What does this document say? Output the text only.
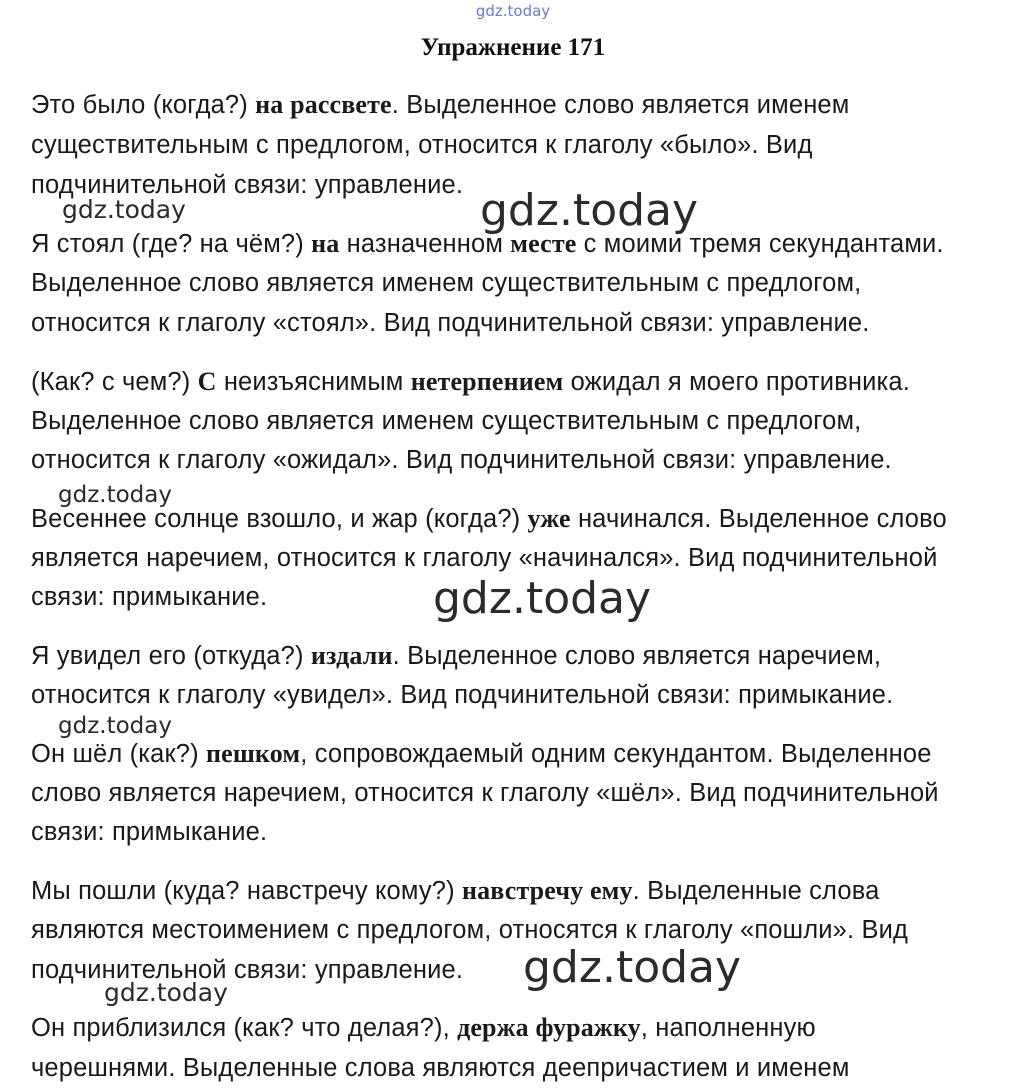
gdz.today
Упражнение 171
Это было (когда?) на рассвете. Выделенное слово является именем
существительным с предлогом, относится к глаголу «было». Вид
подчинительной связи: управление.
Я стоял (где? на чём?) на назначенном месте с моими тремя секундантами.
Выделенное слово является именем существительным с предлогом,
относится к глаголу «стоял». Вид подчинительной связи: управление.
(Как? с чем?) С неизъяснимым нетерпением ожидал я моего противника.
Выделенное слово является именем существительным с предлогом,
относится к глаголу «ожидал». Вид подчинительной связи: управление.
Весеннее солнце взошло, и жар (когда?) уже начинался. Выделенное слово
является наречием, относится к глаголу «начинался». Вид подчинительной
связи: примыкание.
Я увидел его (откуда?) издали. Выделенное слово является наречием,
относится к глаголу «увидел». Вид подчинительной связи: примыкание.
Он шёл (как?) пешком, сопровождаемый одним секундантом. Выделенное
слово является наречием, относится к глаголу «шёл». Вид подчинительной
связи: примыкание.
Мы пошли (куда? навстречу кому?) навстречу ему. Выделенные слова
являются местоимением с предлогом, относятся к глаголу «пошли». Вид
подчинительной связи: управление.
Он приблизился (как? что делая?), держа фуражку, наполненную
черешнями. Выделенные слова являются деепричастием и именем
gdz.today	gdz.today
gdz.today
gdz.today
gdz.today
gdz.today
gdz.today
